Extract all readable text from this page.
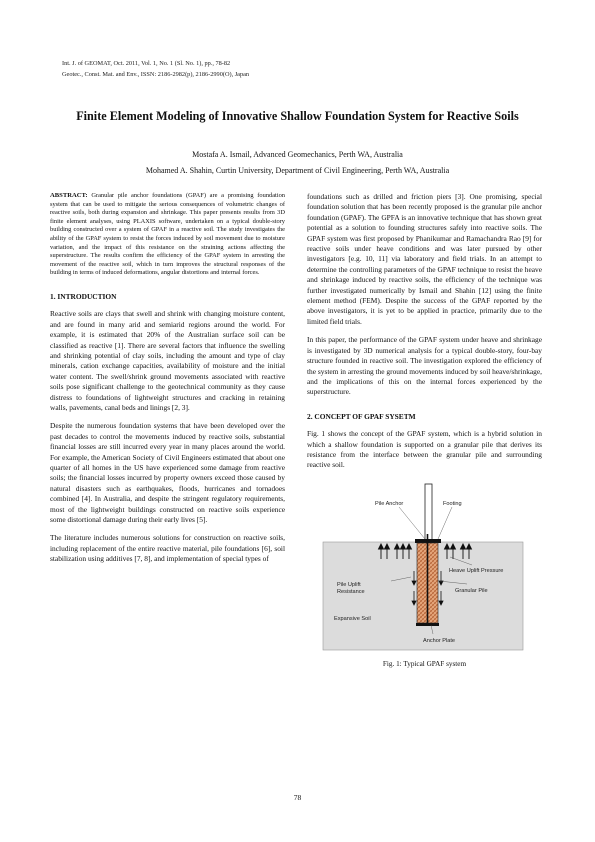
Int. J. of GEOMAT, Oct. 2011, Vol. 1, No. 1 (Sl. No. 1), pp., 78-82
Geotec., Const. Mat. and Env., ISSN: 2186-2982(p), 2186-2990(O), Japan
Finite Element Modeling of Innovative Shallow Foundation System for Reactive Soils
Mostafa A. Ismail, Advanced Geomechanics, Perth WA, Australia
Mohamed A. Shahin, Curtin University, Department of Civil Engineering, Perth WA, Australia

ABSTRACT: Granular pile anchor foundations (GPAF) are a promising foundation system that can be used to mitigate the serious consequences of volumetric changes of reactive soils, both during expansion and shrinkage. This paper presents results from 3D finite element analyses, using PLAXIS software, undertaken on a typical double-story building constructed over a system of GPAF in a reactive soil. The study investigates the ability of the GPAF system to resist the forces induced by soil movement due to moisture variation, and the impact of this resistance on the straining actions affecting the superstructure. The results confirm the efficiency of the GPAF system in arresting the movement of the reactive soil, which in turn improves the structural responses of the building in terms of induced deformations, angular distortions and internal forces.

1. INTRODUCTION

Reactive soils are clays that swell and shrink with changing moisture content, and are found in many arid and semiarid regions around the world. For example, it is estimated that 20% of the Australian surface soil can be classified as reactive [1]. There are several factors that influence the swelling and shrinking potential of clay soils, including the amount and type of clay minerals, cation exchange capacities, availability of moisture and the initial water content. The swell/shrink ground movements associated with reactive soils pose significant challenge to the geotechnical community as they cause distress to foundations of lightweight structures and cracking in retaining walls, pavements, canal beds and linings [2, 3].

Despite the numerous foundation systems that have been developed over the past decades to control the movements induced by reactive soils, substantial financial losses are still incurred every year in many places around the world. For example, the American Society of Civil Engineers estimated that about one quarter of all homes in the US have experienced some damage from reactive soils; the financial losses incurred by property owners exceed those caused by natural disasters such as earthquakes, floods, hurricanes and tornadoes combined [4]. In Australia, and despite the stringent regulatory requirements, most of the lightweight buildings constructed on reactive soils experience some distortional damage during their early lives [5].

The literature includes numerous solutions for construction on reactive soils, including replacement of the entire reactive material, pile foundations [6], soil stabilization using additives [7, 8], and implementation of special types of

foundations such as drilled and friction piers [3]. One promising, special foundation solution that has been recently proposed is the granular pile anchor foundation (GPAF). The GPFA is an innovative technique that has shown great potential as a solution to founding structures safely into reactive soils. The GPAF system was first proposed by Phanikumar and Ramachandra Rao [9] for reactive soils under heave conditions and was later pursued by other investigators [e.g. 10, 11] via laboratory and field trials. In an attempt to determine the controlling parameters of the GPAF technique to resist the heave and shrinkage induced by reactive soils, the efficiency of the technique was further investigated numerically by Ismail and Shahin [12] using the finite element method (FEM). Despite the success of the GPAF reported by the above investigators, it is yet to be applied in practice, primarily due to the limited field trials.

In this paper, the performance of the GPAF system under heave and shrinkage is investigated by 3D numerical analysis for a typical double-story, four-bay structure founded in reactive soil. The investigation explored the efficiency of the system in arresting the ground movements induced by soil heave/shrinkage, and the implications of this on the internal forces experienced by the superstructure.

2. CONCEPT OF GPAF SYSETM

Fig. 1 shows the concept of the GPAF system, which is a hybrid solution in which a shallow foundation is supported on a granular pile that derives its resistance from the interface between the granular pile and surrounding reactive soil.

Pile Anchor	Footing
Heave Uplift Pressure
Pile Uplift
Resistance	Granular Pile
Expansive Soil
Anchor Plate
Fig. 1: Typical GPAF system
78
